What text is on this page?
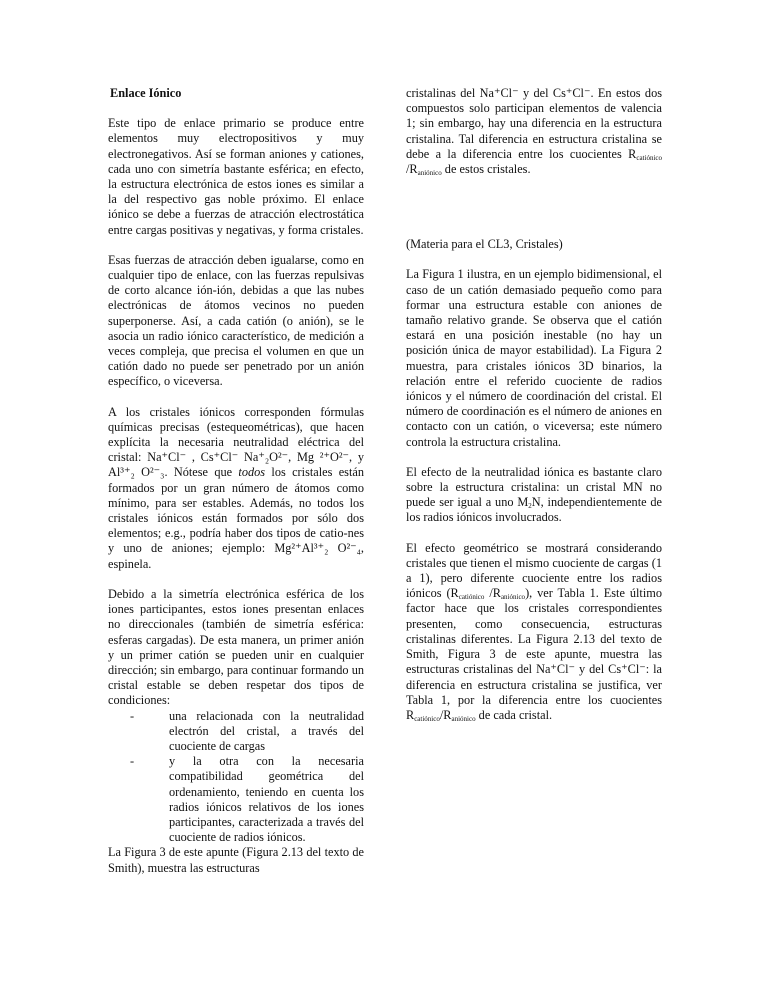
Enlace Iónico

Este tipo de enlace primario se produce entre elementos muy electropositivos y muy electronegativos. Así se forman aniones y cationes, cada uno con simetría bastante esférica; en efecto, la estructura electrónica de estos iones es similar a la del respectivo gas noble próximo. El enlace iónico se debe a fuerzas de atracción electrostática entre cargas positivas y negativas, y forma cristales.

Esas fuerzas de atracción deben igualarse, como en cualquier tipo de enlace, con las fuerzas repulsivas de corto alcance ión-ión, debidas a que las nubes electrónicas de átomos vecinos no pueden superponerse. Así, a cada catión (o anión), se le asocia un radio iónico característico, de medición a veces compleja, que precisa el volumen en que un catión dado no puede ser penetrado por un anión específico, o viceversa.

A los cristales iónicos corresponden fórmulas químicas precisas (estequeométricas), que hacen explícita la necesaria neutralidad eléctrica del cristal: Na⁺Cl⁻ , Cs⁺Cl⁻ Na⁺₂O²⁻, Mg ²⁺O²⁻, y Al³⁺₂ O²⁻₃. Nótese que todos los cristales están formados por un gran número de átomos como mínimo, para ser estables. Además, no todos los cristales iónicos están formados por sólo dos elementos; e.g., podría haber dos tipos de catio-nes y uno de aniones; ejemplo: Mg²⁺Al³⁺₂ O²⁻₄, espinela.

Debido a la simetría electrónica esférica de los iones participantes, estos iones presentan enlaces no direccionales (también de simetría esférica: esferas cargadas). De esta manera, un primer anión y un primer catión se pueden unir en cualquier dirección; sin embargo, para continuar formando un cristal estable se deben respetar dos tipos de condiciones:

-	una relacionada con la neutralidad electrón del cristal, a través del cuociente de cargas
-	y la otra con la necesaria compatibilidad geométrica del ordenamiento, teniendo en cuenta los radios iónicos relativos de los iones participantes, caracterizada a través del cuociente de radios iónicos.

La Figura 3 de este apunte (Figura 2.13 del texto de Smith), muestra las estructuras

cristalinas del Na⁺Cl⁻ y del Cs⁺Cl⁻. En estos dos compuestos solo participan elementos de valencia 1; sin embargo, hay una diferencia en la estructura cristalina. Tal diferencia en estructura cristalina se debe a la diferencia entre los cuocientes $R_{catiónico}$ $/R_{aniónico}$ de estos cristales.

(Materia para el CL3, Cristales)

La Figura 1 ilustra, en un ejemplo bidimensional, el caso de un catión demasiado pequeño como para formar una estructura estable con aniones de tamaño relativo grande. Se observa que el catión estará en una posición inestable (no hay un posición única de mayor estabilidad). La Figura 2 muestra, para cristales iónicos 3D binarios, la relación entre el referido cuociente de radios iónicos y el número de coordinación del cristal. El número de coordinación es el número de aniones en contacto con un catión, o viceversa; este número controla la estructura cristalina.

El efecto de la neutralidad iónica es bastante claro sobre la estructura cristalina: un cristal MN no puede ser igual a uno $M_2N$, independientemente de los radios iónicos involucrados.

El efecto geométrico se mostrará considerando cristales que tienen el mismo cuociente de cargas (1 a 1), pero diferente cuociente entre los radios iónicos ($R_{catiónico}$ $/R_{aniónico}$), ver Tabla 1. Este último factor hace que los cristales correspondientes presenten, como consecuencia, estructuras cristalinas diferentes. La Figura 2.13 del texto de Smith, Figura 3 de este apunte, muestra las estructuras cristalinas del Na⁺Cl⁻ y del Cs⁺Cl⁻: la diferencia en estructura cristalina se justifica, ver Tabla 1, por la diferencia entre los cuocientes $R_{catiónico}/R_{aniónico}$ de cada cristal.
